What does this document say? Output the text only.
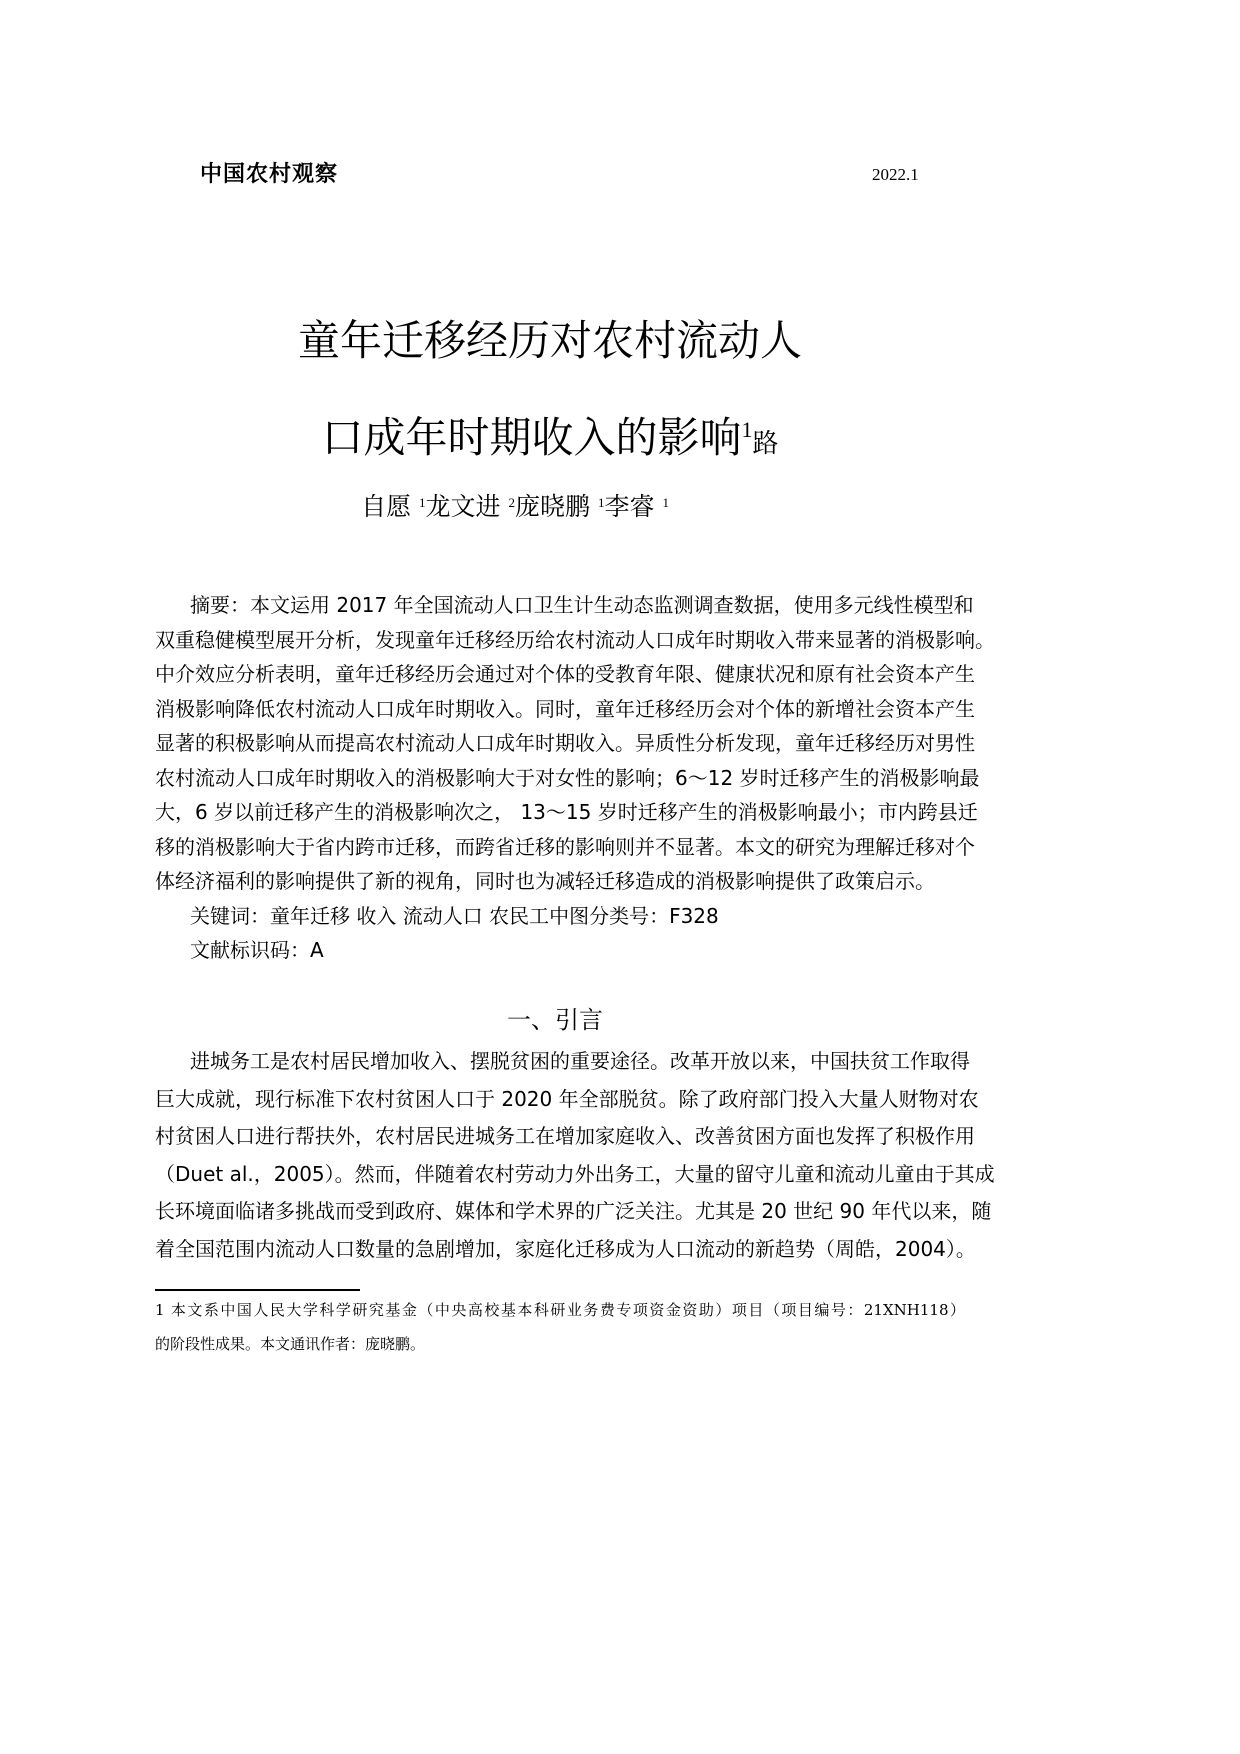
中国农村观察	2022.1
童年迁移经历对农村流动人
口成年时期收入的影响$^1$路
自愿 $^1$龙文进 $^2$庞晓鹏 $^1$李睿 $^1$
摘要：本文运用 2017 年全国流动人口卫生计生动态监测调查数据，使用多元线性模型和
双重稳健模型展开分析，发现童年迁移经历给农村流动人口成年时期收入带来显著的消极影响。
中介效应分析表明，童年迁移经历会通过对个体的受教育年限、健康状况和原有社会资本产生
消极影响降低农村流动人口成年时期收入。同时，童年迁移经历会对个体的新增社会资本产生
显著的积极影响从而提高农村流动人口成年时期收入。异质性分析发现，童年迁移经历对男性
农村流动人口成年时期收入的消极影响大于对女性的影响；6～12 岁时迁移产生的消极影响最
大，6 岁以前迁移产生的消极影响次之， 13～15 岁时迁移产生的消极影响最小；市内跨县迁
移的消极影响大于省内跨市迁移，而跨省迁移的影响则并不显著。本文的研究为理解迁移对个
体经济福利的影响提供了新的视角，同时也为减轻迁移造成的消极影响提供了政策启示。
关键词：童年迁移 收入 流动人口 农民工中图分类号：F328
文献标识码：A
一、引言
进城务工是农村居民增加收入、摆脱贫困的重要途径。改革开放以来，中国扶贫工作取得
巨大成就，现行标准下农村贫困人口于 2020 年全部脱贫。除了政府部门投入大量人财物对农
村贫困人口进行帮扶外，农村居民进城务工在增加家庭收入、改善贫困方面也发挥了积极作用
（Duet al.，2005）。然而，伴随着农村劳动力外出务工，大量的留守儿童和流动儿童由于其成
长环境面临诸多挑战而受到政府、媒体和学术界的广泛关注。尤其是 20 世纪 90 年代以来，随
着全国范围内流动人口数量的急剧增加，家庭化迁移成为人口流动的新趋势（周皓，2004）。
1 本文系中国人民大学科学研究基金（中央高校基本科研业务费专项资金资助）项目（项目编号：21XNH118）
的阶段性成果。本文通讯作者：庞晓鹏。
